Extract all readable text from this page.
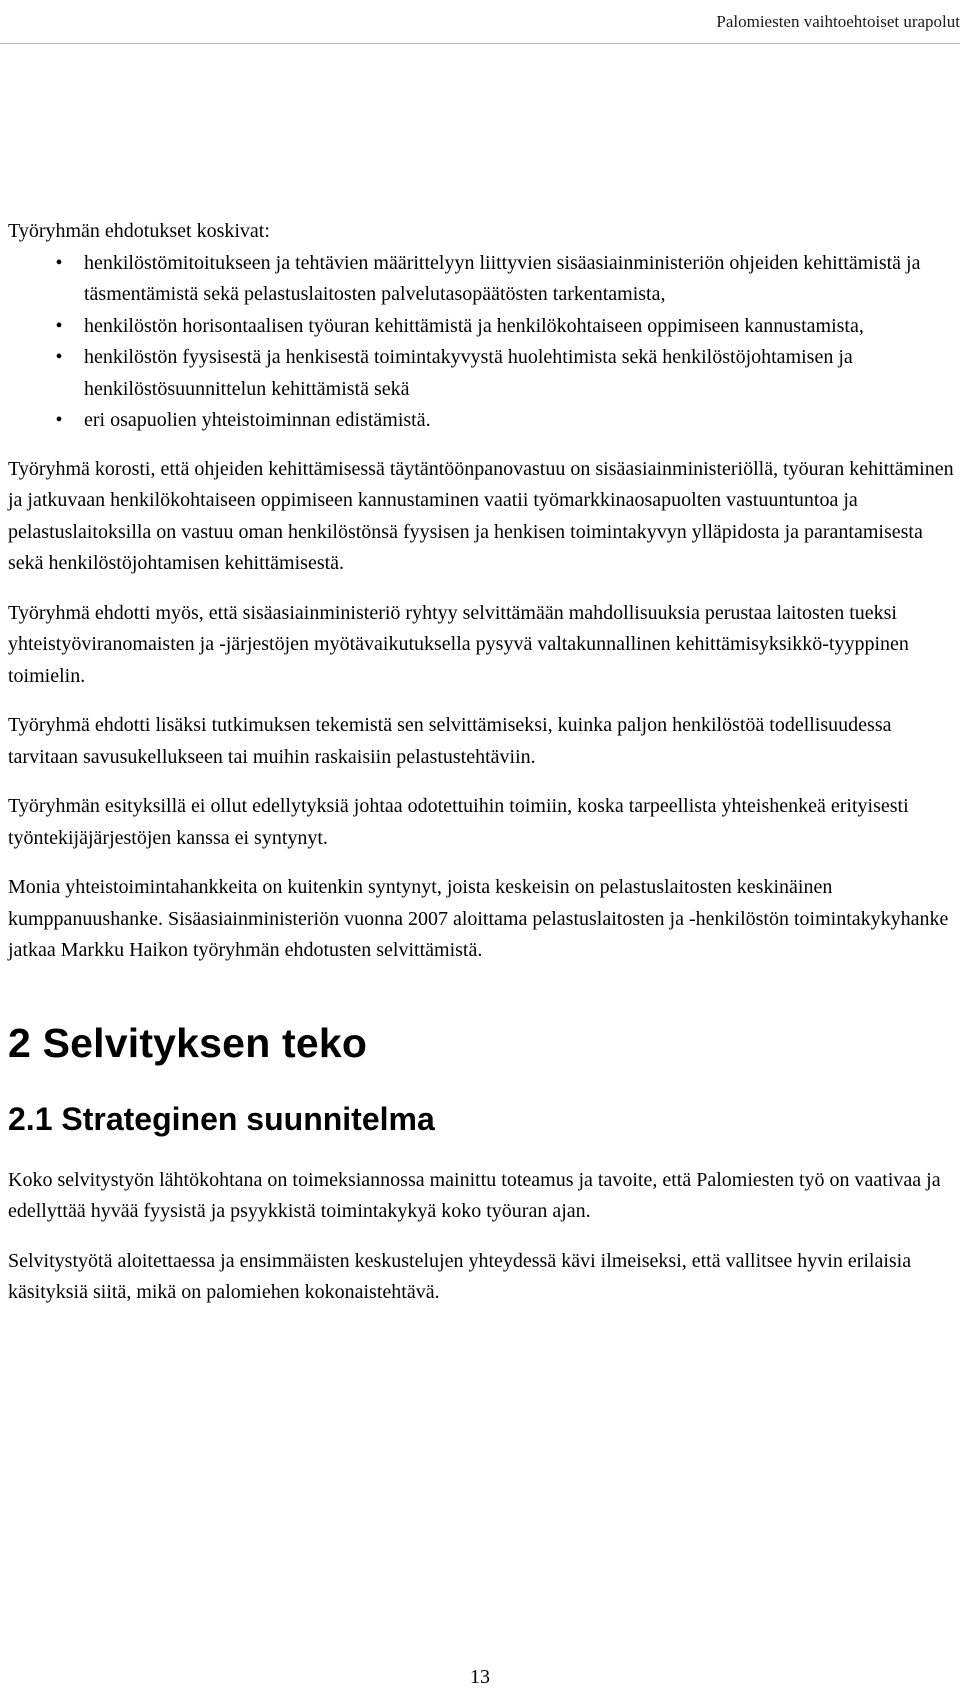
Palomiesten vaihtoehtoiset urapolut

Työryhmän ehdotukset koskivat:

• henkilöstömitoitukseen ja tehtävien määrittelyyn liittyvien sisäasiainministeriön ohjeiden kehittämistä ja täsmentämistä sekä pelastuslaitosten palvelutasopäätösten tarkentamista,
• henkilöstön horisontaalisen työuran kehittämistä ja henkilökohtaiseen oppimiseen kannustamista,
• henkilöstön fyysisestä ja henkisestä toimintakyvystä huolehtimista sekä henkilöstöjohtamisen ja henkilöstösuunnittelun kehittämistä sekä
• eri osapuolien yhteistoiminnan edistämistä.

Työryhmä korosti, että ohjeiden kehittämisessä täytäntöönpanovastuu on sisäasiainministeriöllä, työuran kehittäminen ja jatkuvaan henkilökohtaiseen oppimiseen kannustaminen vaatii työmarkkinaosapuolten vastuuntuntoa ja pelastuslaitoksilla on vastuu oman henkilöstönsä fyysisen ja henkisen toimintakyvyn ylläpidosta ja parantamisesta sekä henkilöstöjohtamisen kehittämisestä.

Työryhmä ehdotti myös, että sisäasiainministeriö ryhtyy selvittämään mahdollisuuksia perustaa laitosten tueksi yhteistyöviranomaisten ja -järjestöjen myötävaikutuksella pysyvä valtakunnallinen kehittämisyksikkö-tyyppinen toimielin.

Työryhmä ehdotti lisäksi tutkimuksen tekemistä sen selvittämiseksi, kuinka paljon henkilöstöä todellisuudessa tarvitaan savusukellukseen tai muihin raskaisiin pelastustehtäviin.

Työryhmän esityksillä ei ollut edellytyksiä johtaa odotettuihin toimiin, koska tarpeellista yhteishenkeä erityisesti työntekijäjärjestöjen kanssa ei syntynyt.

Monia yhteistoimintahankkeita on kuitenkin syntynyt, joista keskeisin on pelastuslaitosten keskinäinen kumppanuushanke. Sisäasiainministeriön vuonna 2007 aloittama pelastuslaitosten ja -henkilöstön toimintakykyhanke jatkaa Markku Haikon työryhmän ehdotusten selvittämistä.

2 Selvityksen teko
2.1 Strateginen suunnitelma

Koko selvitystyön lähtökohtana on toimeksiannossa mainittu toteamus ja tavoite, että Palomiesten työ on vaativaa ja edellyttää hyvää fyysistä ja psyykkistä toimintakykyä koko työuran ajan.

Selvitystyötä aloitettaessa ja ensimmäisten keskustelujen yhteydessä kävi ilmeiseksi, että vallitsee hyvin erilaisia käsityksiä siitä, mikä on palomiehen kokonaistehtävä.

13
